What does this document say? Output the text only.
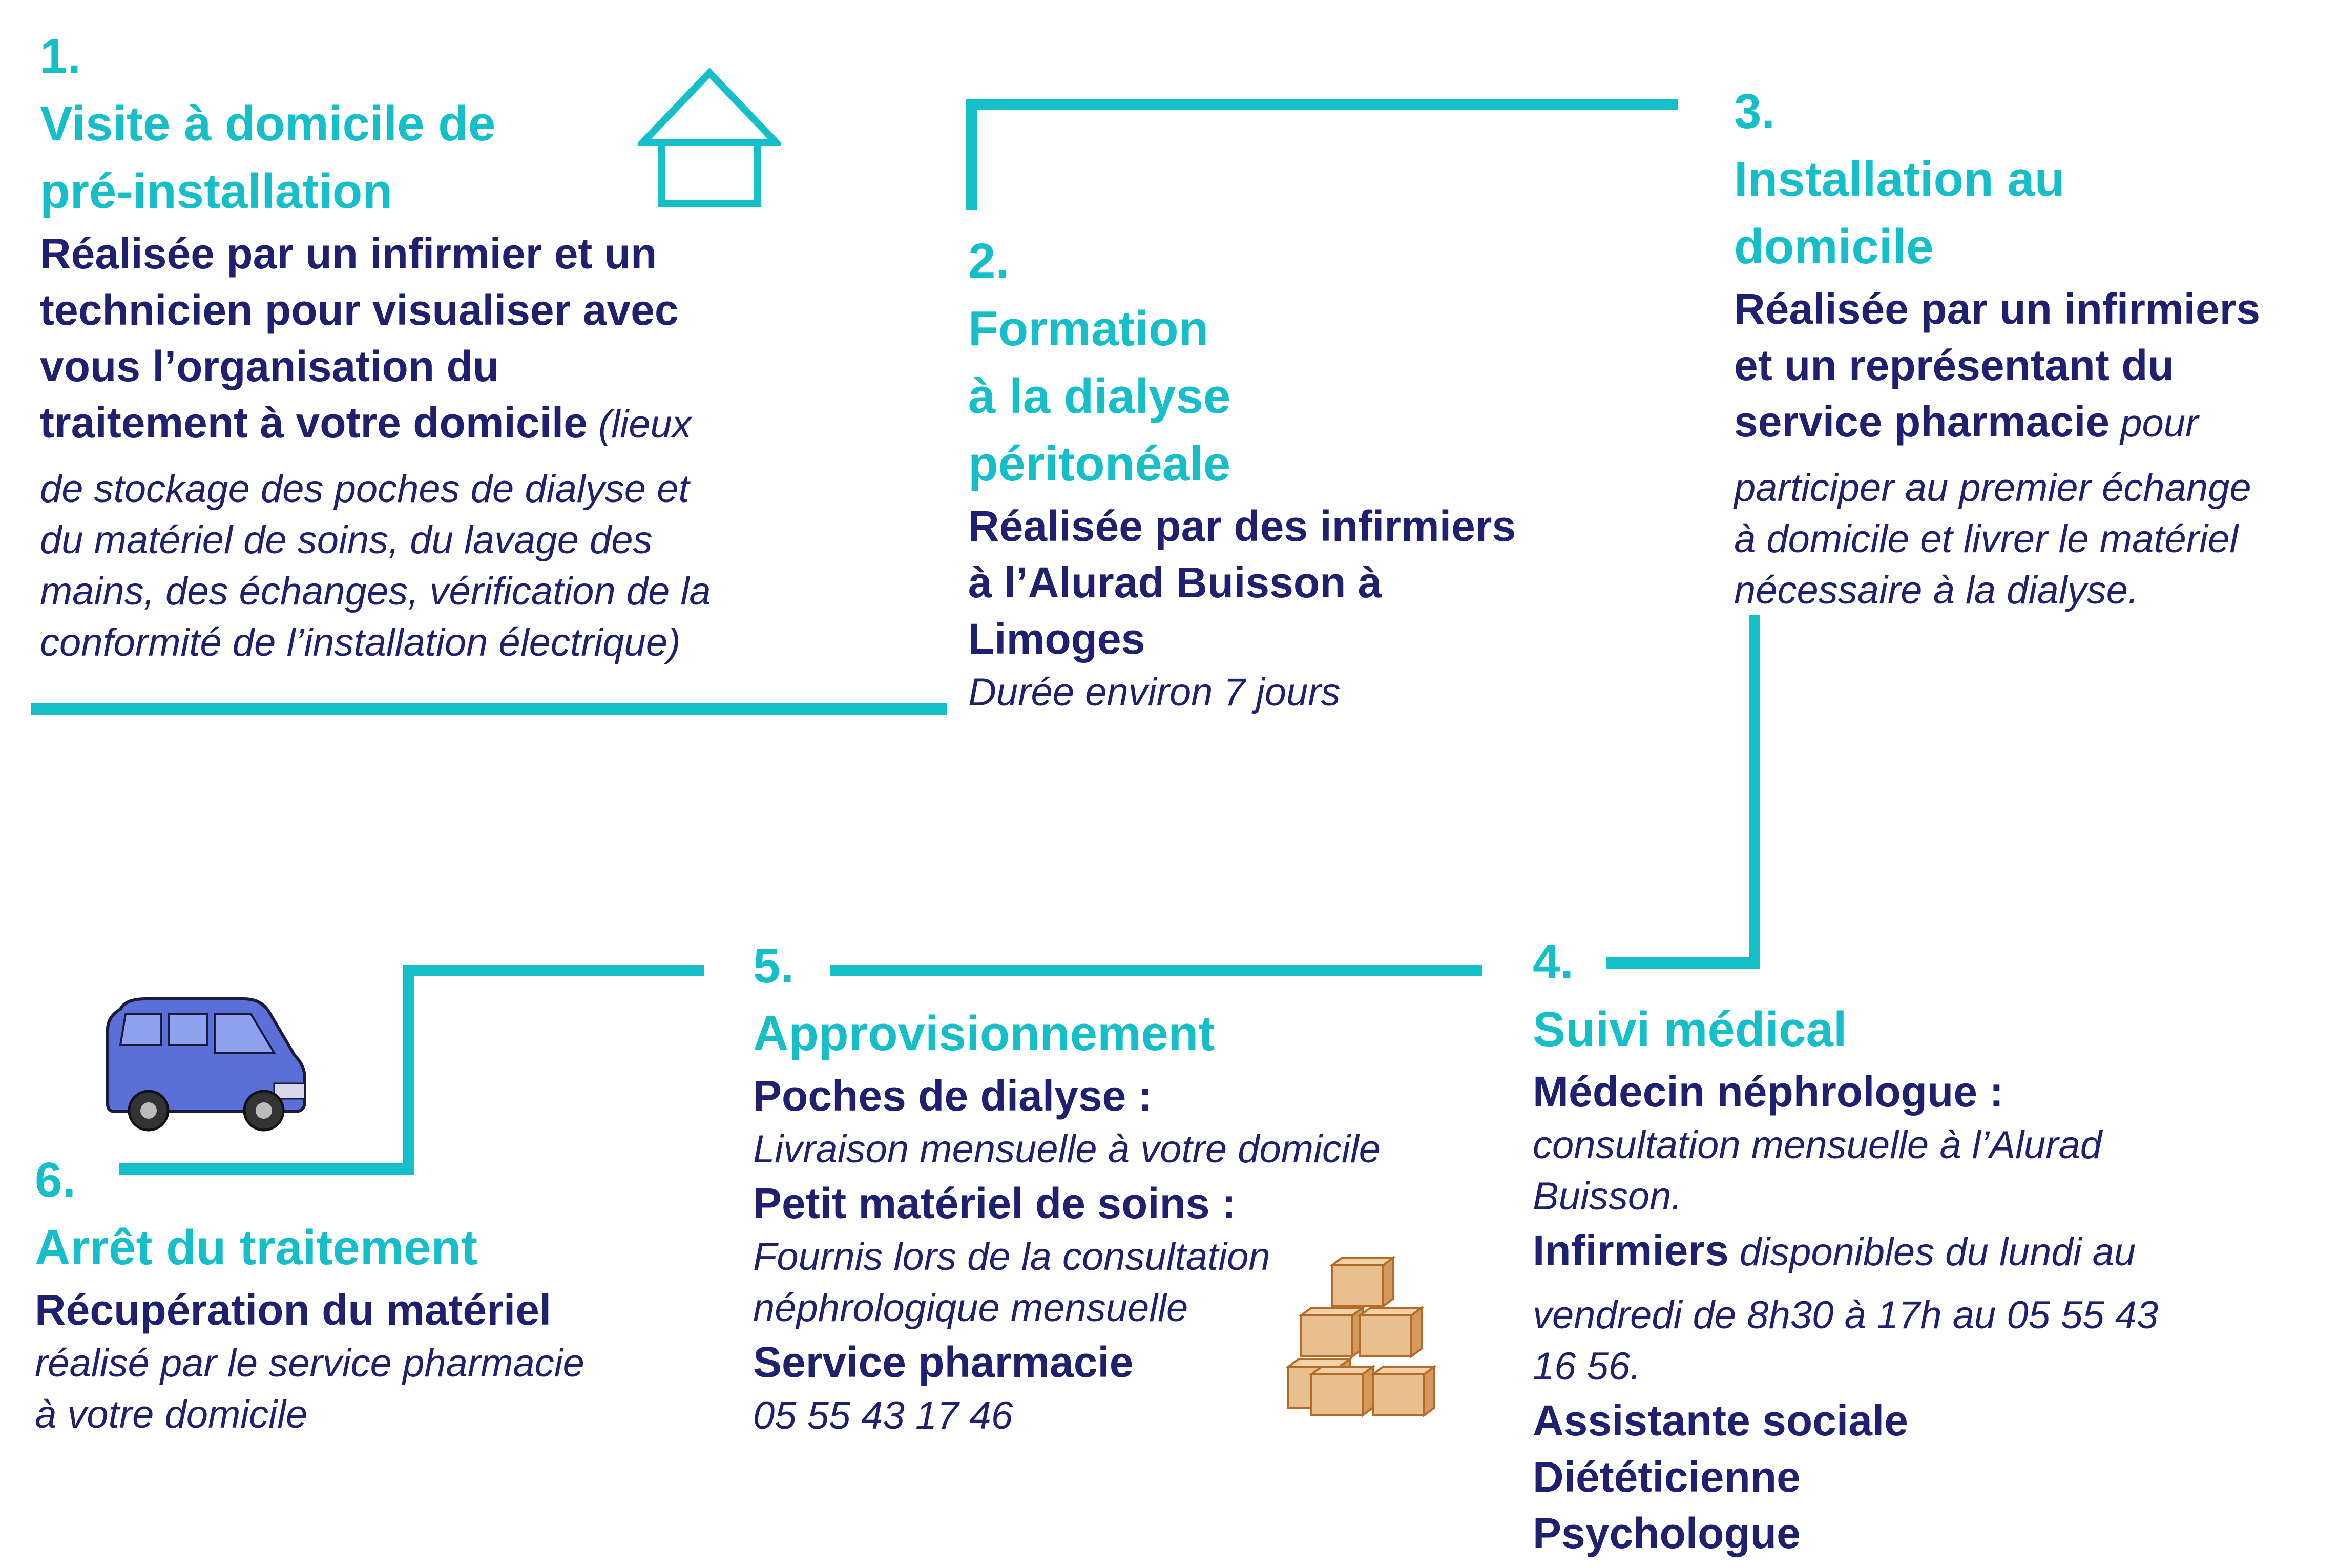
1.
Visite à domicile de
pré-installation
Réalisée par un infirmier et un
technicien pour visualiser avec
vous l’organisation du
traitement à votre domicile (lieux
de stockage des poches de dialyse et
du matériel de soins, du lavage des
mains, des échanges, vérification de la
conformité de l’installation électrique)
2.
Formation
à la dialyse
péritonéale
Réalisée par des infirmiers
à l’Alurad Buisson à
Limoges
Durée environ 7 jours
3.
Installation au
domicile
Réalisée par un infirmiers
et un représentant du
service pharmacie pour
participer au premier échange
à domicile et livrer le matériel
nécessaire à la dialyse.
4.
Suivi médical
Médecin néphrologue :
consultation mensuelle à l’Alurad
Buisson.
Infirmiers disponibles du lundi au
vendredi de 8h30 à 17h au 05 55 43
16 56.
Assistante sociale
Diététicienne
Psychologue
5.
Approvisionnement
Poches de dialyse :
Livraison mensuelle à votre domicile
Petit matériel de soins :
Fournis lors de la consultation
néphrologique mensuelle
Service pharmacie
05 55 43 17 46
6.
Arrêt du traitement
Récupération du matériel
réalisé par le service pharmacie
à votre domicile
